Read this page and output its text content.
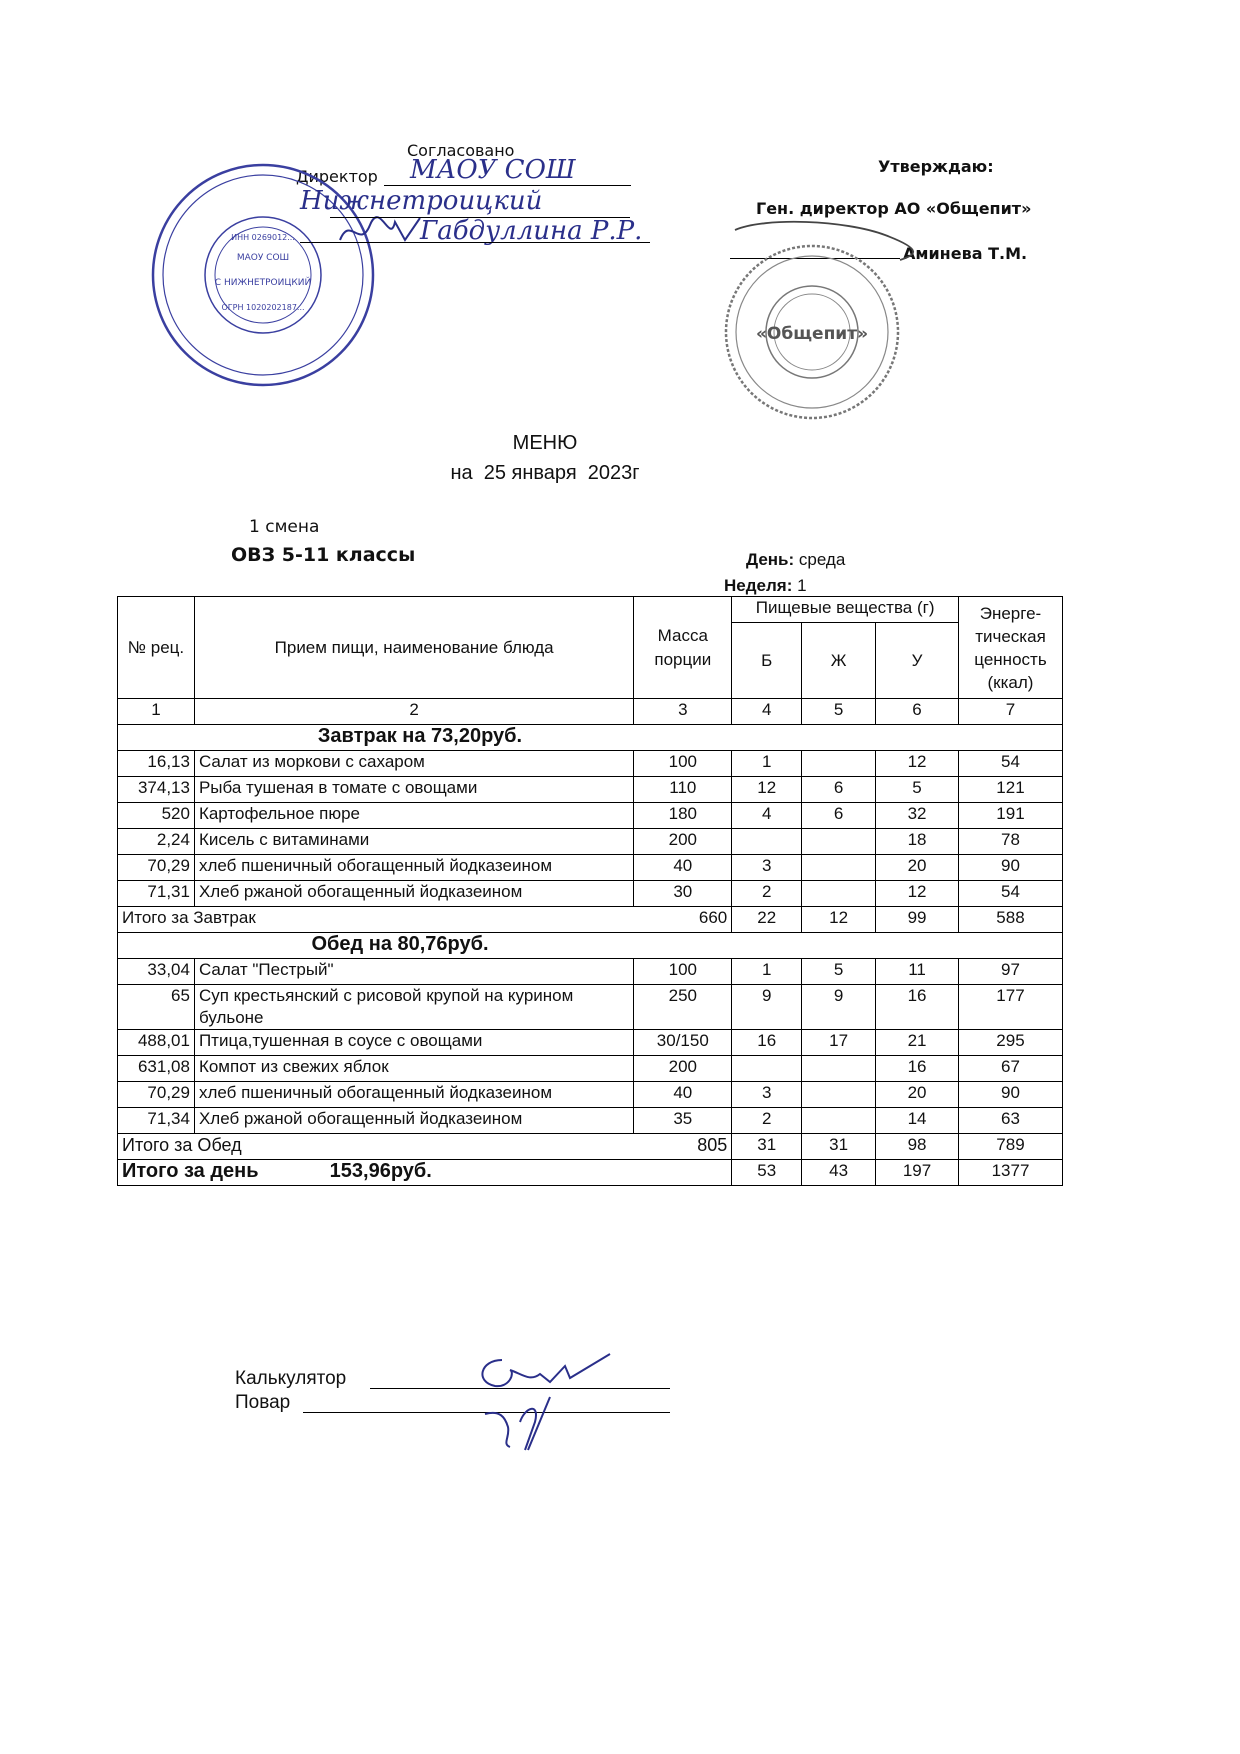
Согласовано
Директор
МАОУ СОШ
С НИЖНЕТРОИЦКИЙ
ИНН 0269012...
ОГРН 1020202187...
МАОУ СОШ
Нижнетроицкий
Габдуллина Р.Р.
Утверждаю:
Ген. директор АО «Общепит»
Аминева Т.М.
«Общепит»
МЕНЮ
на  25 января  2023г
1 смена
ОВЗ 5-11 классы	День: среда
Неделя: 1
№ рец.	Прием пищи, наименование блюда	Масса порции	Пищевые вещества (г)			Энерге-тическая ценность (ккал)
			Б	Ж	У	
1	2	3	4	5	6	7
Завтрак на 73,20руб.						
16,13	Салат из моркови с сахаром	100	1		12	54
374,13	Рыба тушеная в томате с овощами	110	12	6	5	121
520	Картофельное пюре	180	4	6	32	191
2,24	Кисель с витаминами	200			18	78
70,29	хлеб пшеничный обогащенный йодказеином	40	3		20	90
71,31	Хлеб ржаной обогащенный йодказеином	30	2		12	54
Итого за Завтрак		660	22	12	99	588
Обед на 80,76руб.						
33,04	Салат "Пестрый"	100	1	5	11	97
65	Суп крестьянский с рисовой крупой на курином бульоне	250	9	9	16	177
488,01	Птица,тушенная в соусе с овощами	30/150	16	17	21	295
631,08	Компот из свежих яблок	200			16	67
70,29	хлеб пшеничный обогащенный йодказеином	40	3		20	90
71,34	Хлеб ржаной обогащенный йодказеином	35	2		14	63
Итого за Обед		805	31	31	98	789
Итого за день 153,96руб.			53	43	197	1377
Калькулятор
Повар
